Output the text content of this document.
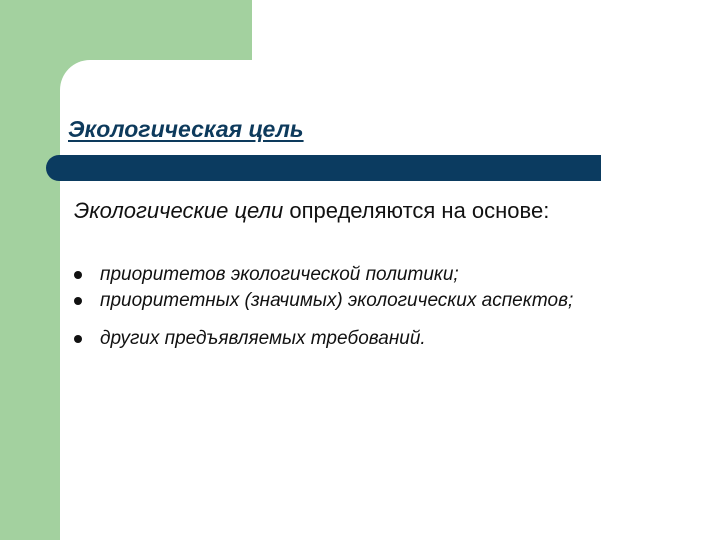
Экологическая цель
Экологические цели определяются на основе:
приоритетов экологической политики;
приоритетных (значимых) экологических аспектов;
других предъявляемых требований.
